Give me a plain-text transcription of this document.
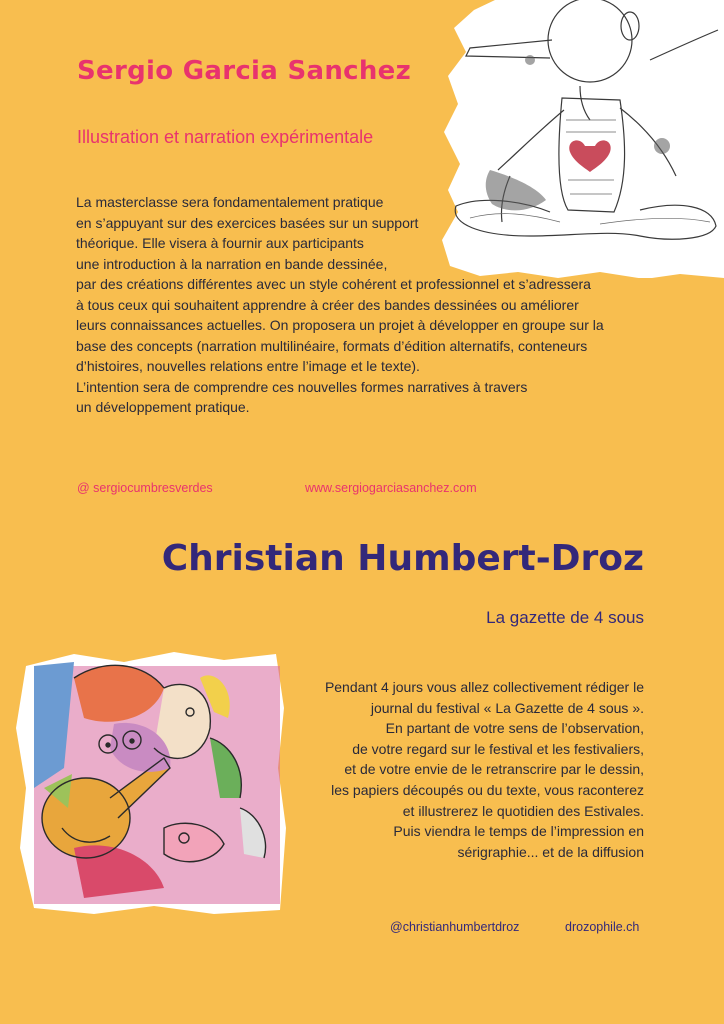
Sergio Garcia Sanchez

Illustration et narration expérimentale

La masterclasse sera fondamentalement pratique
en s’appuyant sur des exercices basées sur un support
théorique. Elle visera à fournir aux participants
une introduction à la narration en bande dessinée,
par des créations différentes avec un style cohérent et professionnel et s’adressera
à tous ceux qui souhaitent apprendre à créer des bandes dessinées ou améliorer
leurs connaissances actuelles. On proposera un projet à développer en groupe sur la
base des concepts (narration multilinéaire, formats d’édition alternatifs, conteneurs
d’histoires, nouvelles relations entre l’image et le texte).
L’intention sera de comprendre ces nouvelles formes narratives à travers
un développement pratique.
@ sergiocumbresverdes	www.sergiogarciasanchez.com
Christian Humbert-Droz

La gazette de 4 sous

Pendant 4 jours vous allez collectivement rédiger le
journal du festival « La Gazette de 4 sous ».
En partant de votre sens de l’observation,
de votre regard sur le festival et les festivaliers,
et de votre envie de le retranscrire par le dessin,
les papiers découpés ou du texte, vous raconterez
et illustrerez le quotidien des Estivales.
Puis viendra le temps de l’impression en
sérigraphie... et de la diffusion
@christianhumbertdroz	drozophile.ch
